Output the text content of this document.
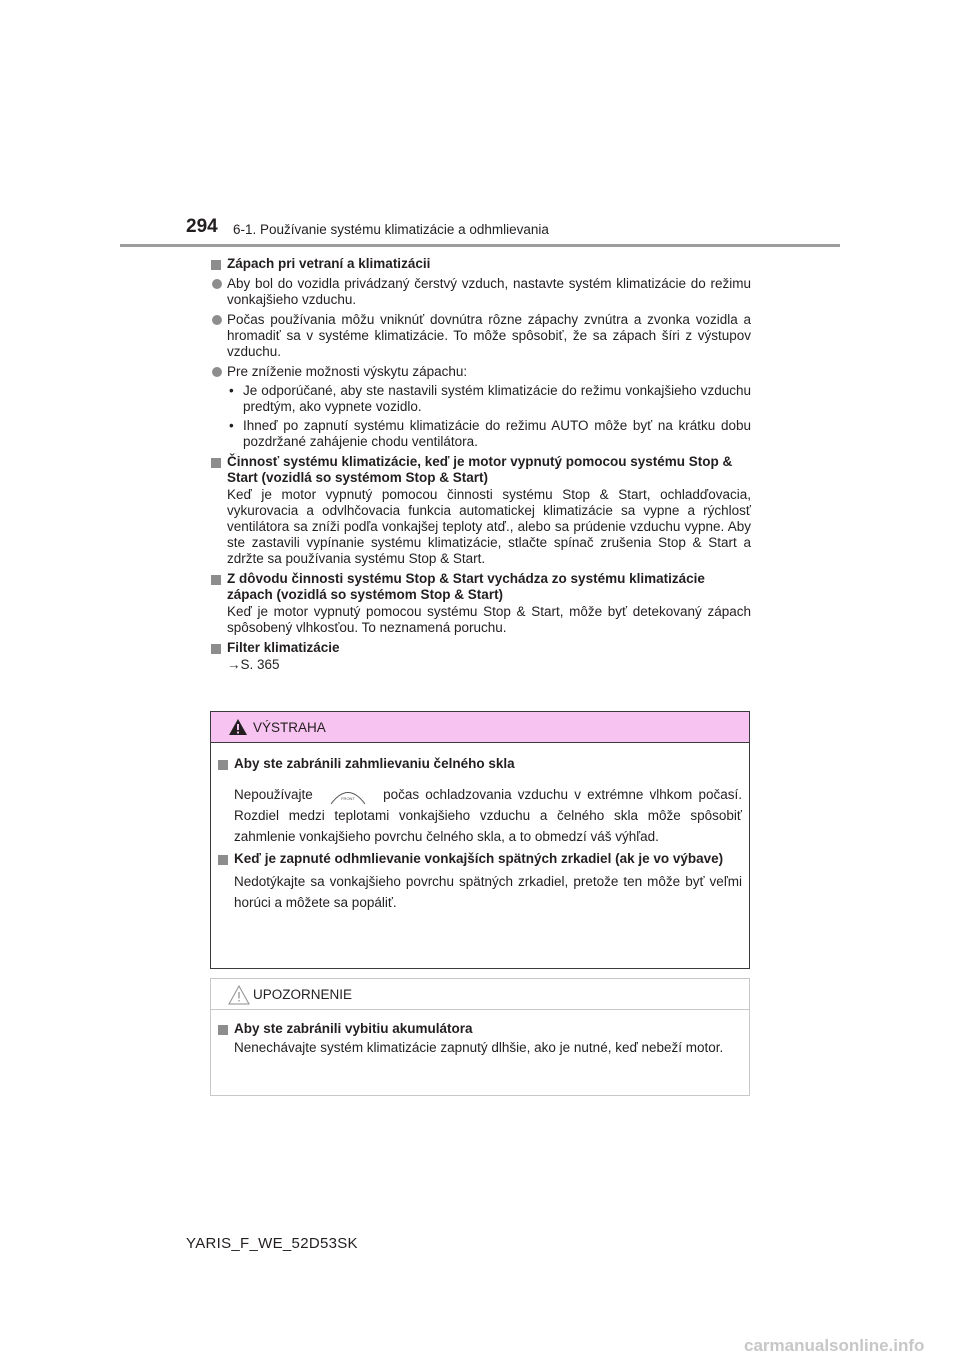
294 6-1. Používanie systému klimatizácie a odhmlievania

Zápach pri vetraní a klimatizácii

Aby bol do vozidla privádzaný čerstvý vzduch, nastavte systém klimatizácie do režimu vonkajšieho vzduchu.
Počas používania môžu vniknúť dovnútra rôzne zápachy zvnútra a zvonka vozidla a hromadiť sa v systéme klimatizácie. To môže spôsobiť, že sa zápach šíri z výstupov vzduchu.
Pre zníženie možnosti výskytu zápachu:
• Je odporúčané, aby ste nastavili systém klimatizácie do režimu vonkajšieho vzduchu predtým, ako vypnete vozidlo.
• Ihneď po zapnutí systému klimatizácie do režimu AUTO môže byť na krátku dobu pozdržané zahájenie chodu ventilátora.

Činnosť systému klimatizácie, keď je motor vypnutý pomocou systému Stop & Start (vozidlá so systémom Stop & Start)

Keď je motor vypnutý pomocou činnosti systému Stop & Start, ochladďovacia, vykurovacia a odvlhčovacia funkcia automatickej klimatizácie sa vypne a rýchlosť ventilátora sa zníži podľa vonkajšej teploty atď., alebo sa prúdenie vzduchu vypne. Aby ste zastavili vypínanie systému klimatizácie, stlačte spínač zrušenia Stop & Start a zdržte sa používania systému Stop & Start.

Z dôvodu činnosti systému Stop & Start vychádza zo systému klimatizácie zápach (vozidlá so systémom Stop & Start)

Keď je motor vypnutý pomocou systému Stop & Start, môže byť detekovaný zápach spôsobený vlhkosťou. To neznamená poruchu.

Filter klimatizácie

→S. 365
VÝSTRAHA

Aby ste zabránili zahmlievaniu čelného skla

Nepoužívajte	FRONT počas ochladzovania vzduchu v extrémne vlhkom počasí. Rozdiel medzi teplotami vonkajšieho vzduchu a čelného skla môže spôsobiť zahmlenie vonkajšieho povrchu čelného skla, a to obmedzí váš výhľad.

Keď je zapnuté odhmlievanie vonkajších spätných zrkadiel (ak je vo výbave)

Nedotýkajte sa vonkajšieho povrchu spätných zrkadiel, pretože ten môže byť veľmi horúci a môžete sa popáliť.
UPOZORNENIE

Aby ste zabránili vybitiu akumulátora

Nenechávajte systém klimatizácie zapnutý dlhšie, ako je nutné, keď nebeží motor.
YARIS_F_WE_52D53SK
carmanualsonline.info
